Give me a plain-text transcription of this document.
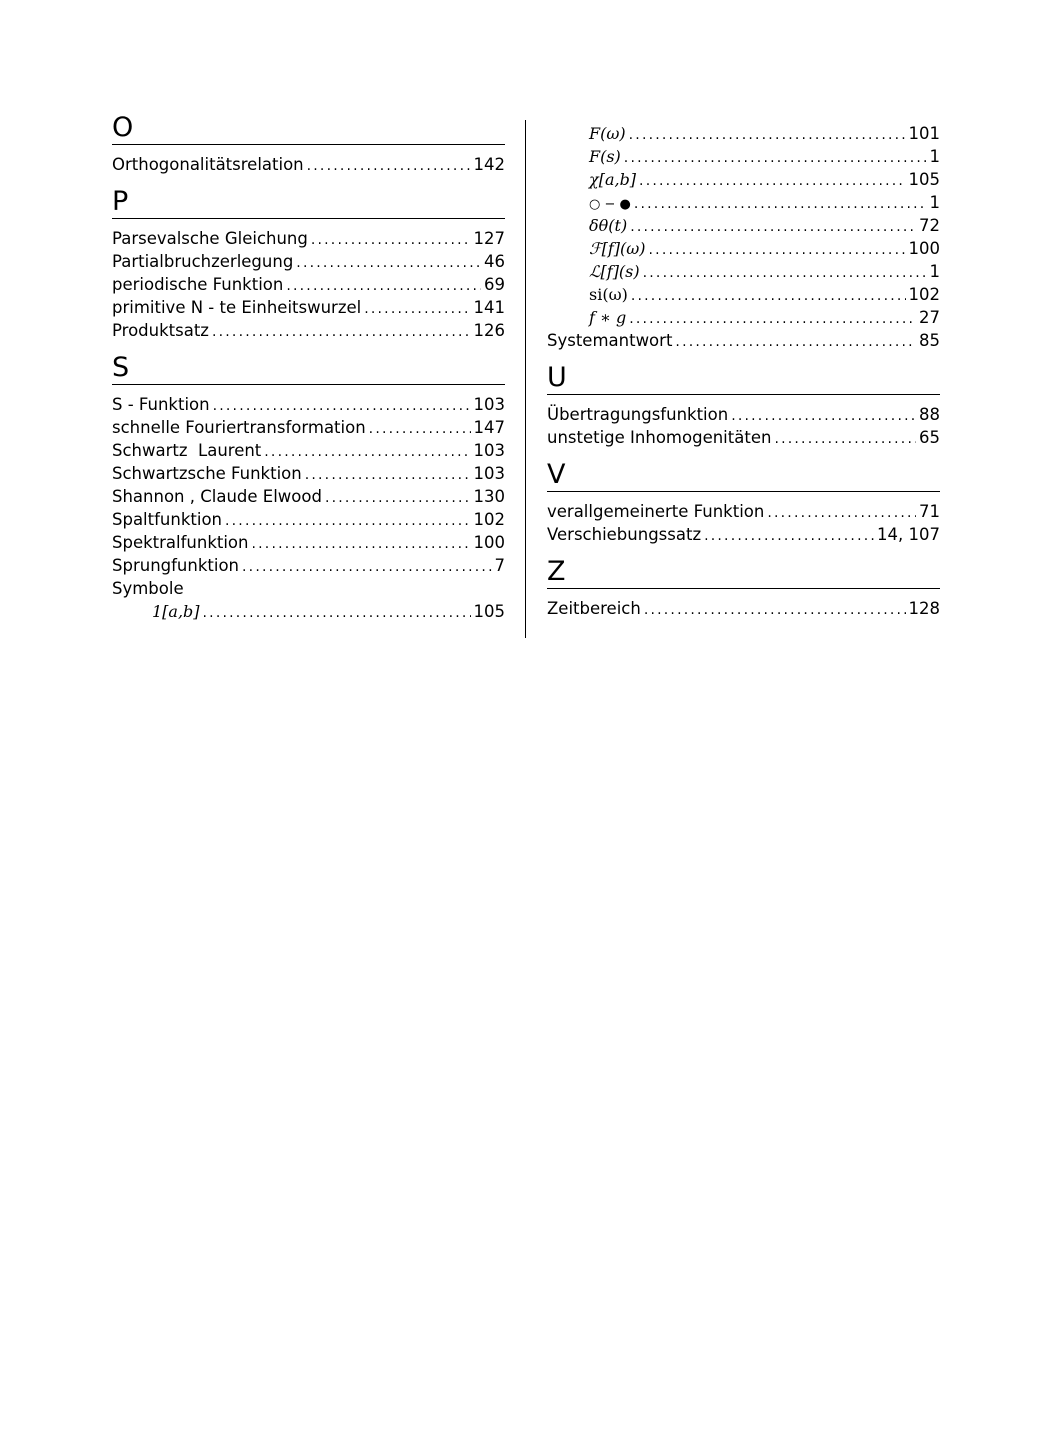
O
Orthogonalitätsrelation .....	142
P
Parsevalsche Gleichung .....	127
Partialbruchzerlegung .....	46
periodische Funktion .....	69
primitive N - te Einheitswurzel .....	141
Produktsatz .....	126
S
S - Funktion .....	103
schnelle Fouriertransformation .....	147
Schwartz  Laurent .....	103
Schwartzsche Funktion .....	103
Shannon , Claude Elwood .....	130
Spaltfunktion .....	102
Spektralfunktion .....	100
Sprungfunktion .....	7
Symbole
1[a,b] .....	105
F(ω) .....	101
F(s) .....	1
χ[a,b] .....	105
○ − ● .....	1
δθ(t) .....	72
ℱ[f](ω) .....	100
ℒ[f](s) .....	1
si(ω) .....	102
f ∗ g .....	27
Systemantwort .....	85
U
Übertragungsfunktion .....	88
unstetige Inhomogenitäten .....	65
V
verallgemeinerte Funktion .....	71
Verschiebungssatz .....	14, 107
Z
Zeitbereich .....	128
